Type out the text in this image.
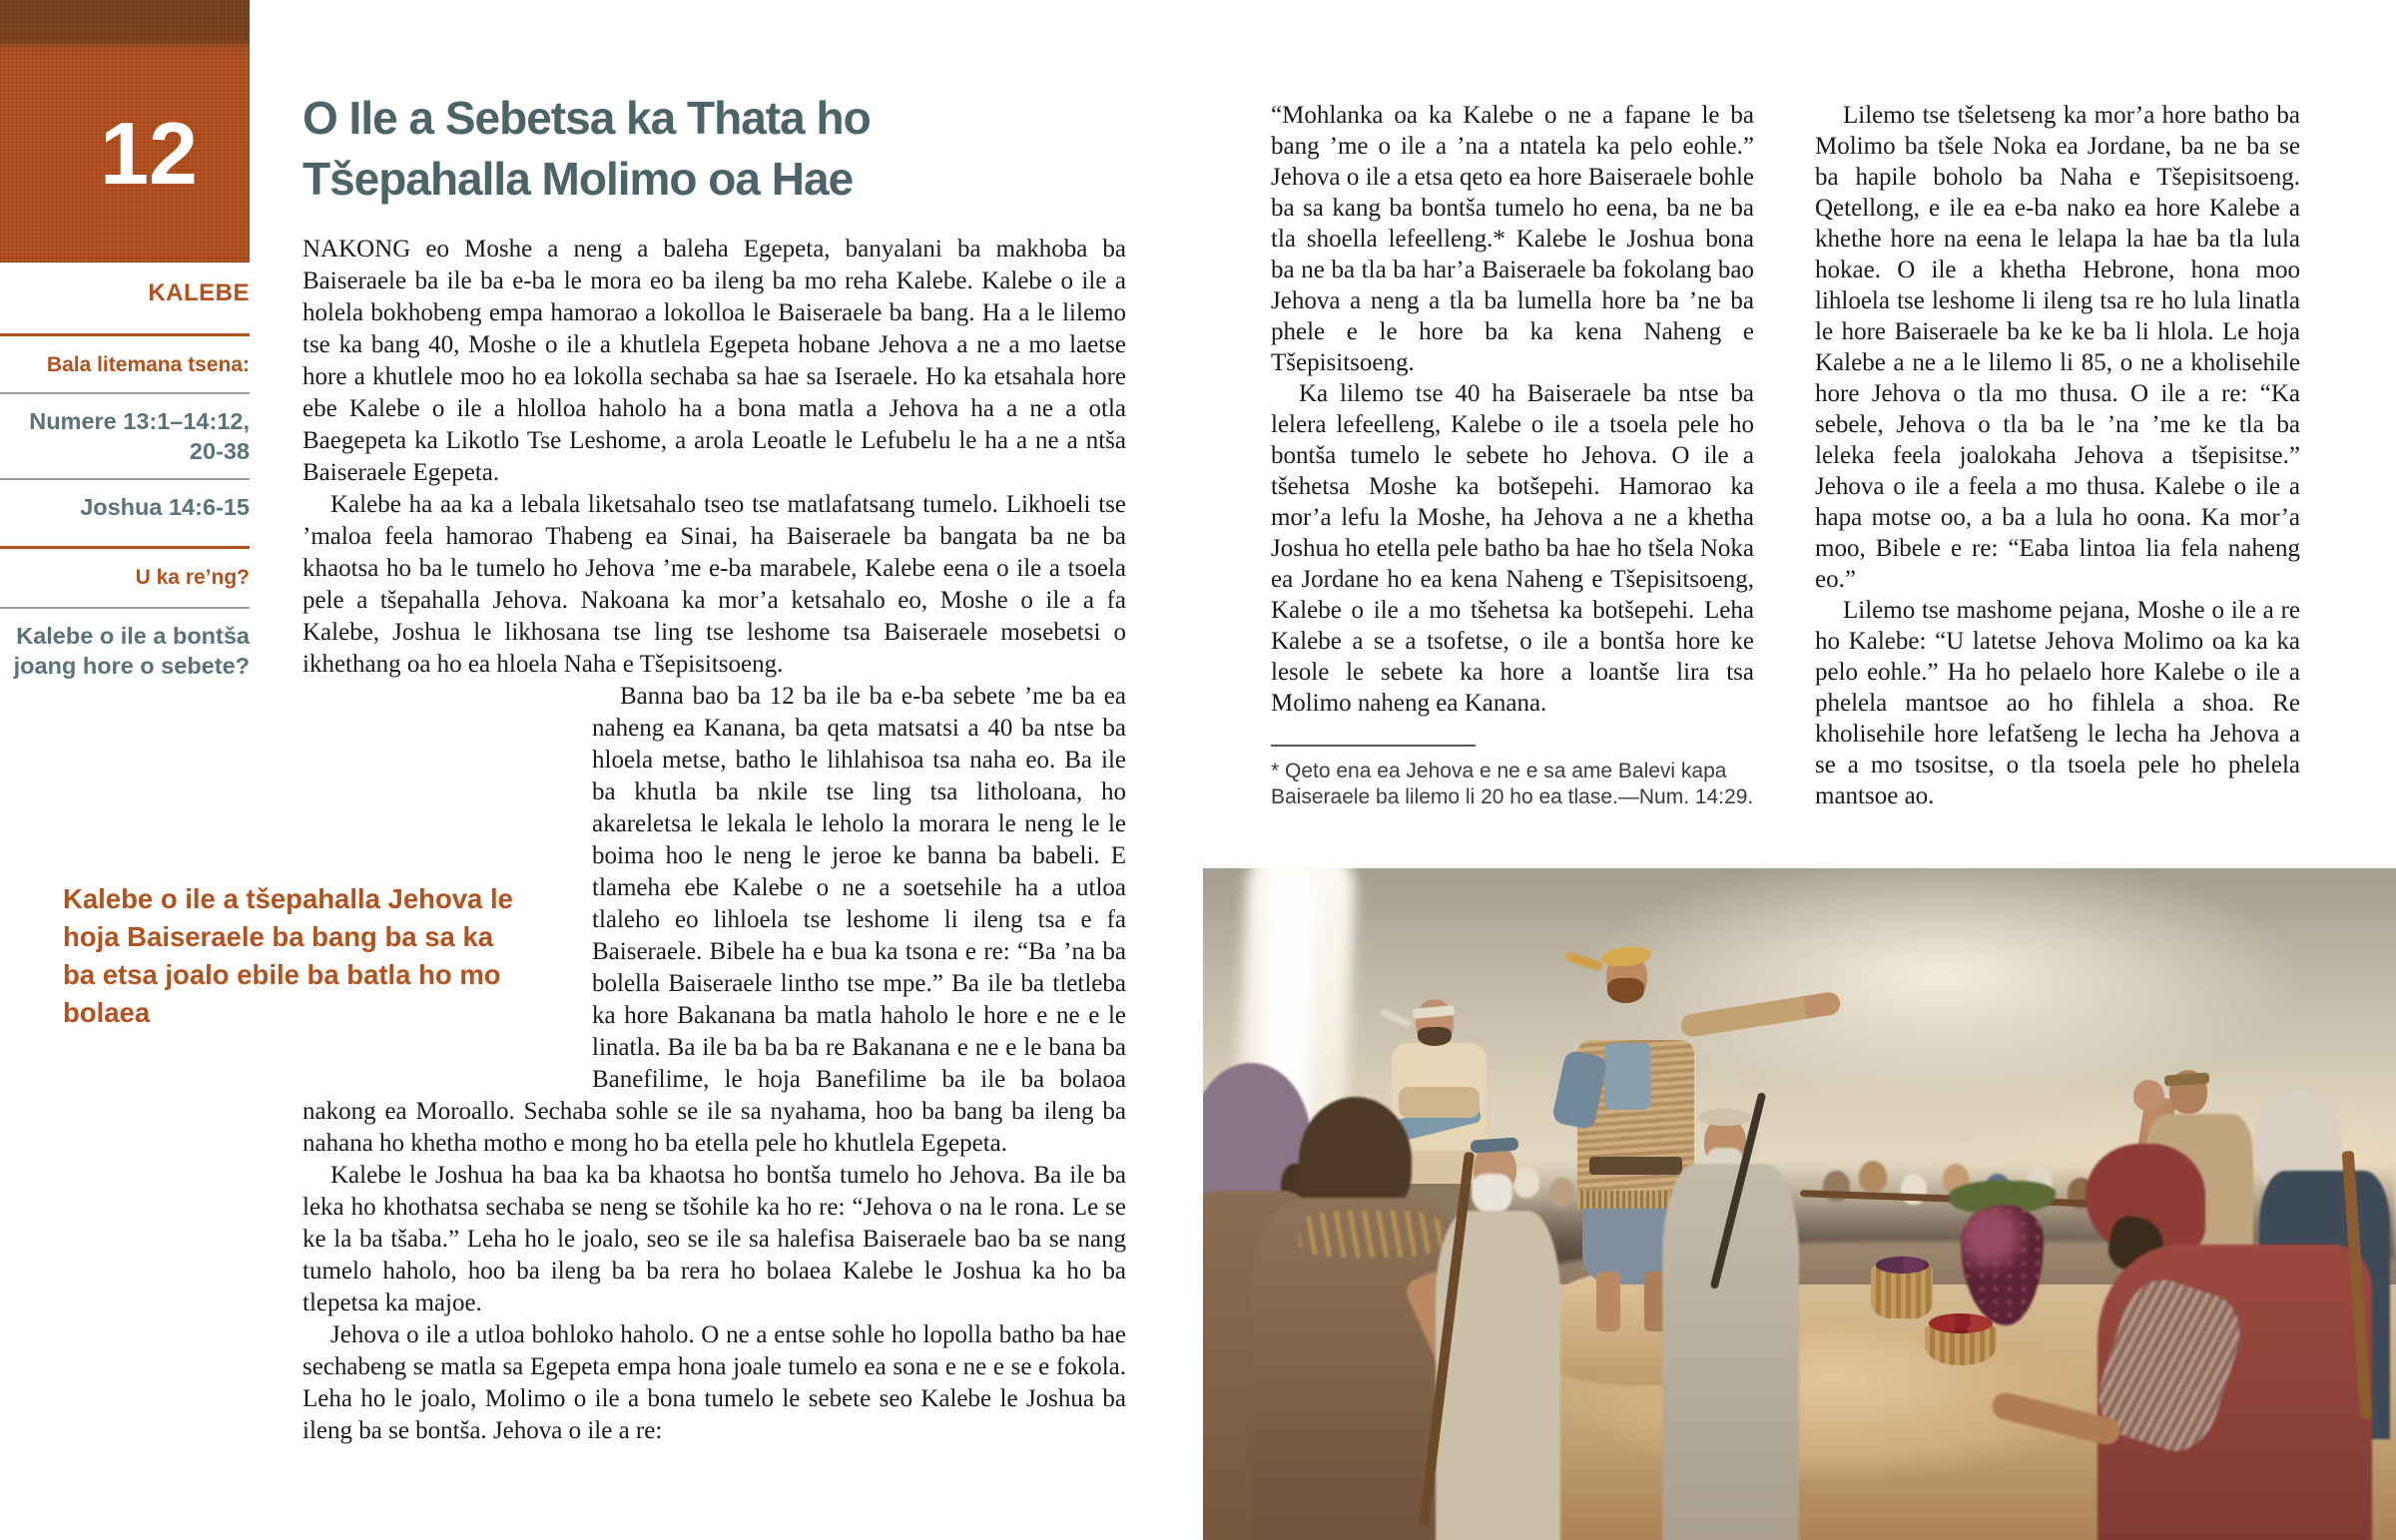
12
KALEBE
Bala litemana tsena:
Numere 13:1–14:12, 20-38
Joshua 14:6-15
U ka re’ng?
Kalebe o ile a bontša joang hore o sebete?
O Ile a Sebetsa ka Thata ho Tšepahalla Molimo oa Hae

NAKONG eo Moshe a neng a baleha Egepeta, banyalani ba makhoba ba Baiseraele ba ile ba e-ba le mora eo ba ileng ba mo reha Kalebe. Kalebe o ile a holela bokhobeng empa hamorao a lokolloa le Baiseraele ba bang. Ha a le lilemo tse ka bang 40, Moshe o ile a khutlela Egepeta hobane Jehova a ne a mo laetse hore a khutlele moo ho ea lokolla sechaba sa hae sa Iseraele. Ho ka etsahala hore ebe Kalebe o ile a hlolloa haholo ha a bona matla a Jehova ha a ne a otla Baegepeta ka Likotlo Tse Leshome, a arola Leoatle le Lefubelu le ha a ne a ntša Baiseraele Egepeta.

Kalebe ha aa ka a lebala liketsahalo tseo tse matlafatsang tumelo. Likhoeli tse ’maloa feela hamorao Thabeng ea Sinai, ha Baiseraele ba bangata ba ne ba khaotsa ho ba le tumelo ho Jehova ’me e-ba marabele, Kalebe eena o ile a tsoela pele a tšepahalla Jehova. Nakoana ka mor’a ketsahalo eo, Moshe o ile a fa Kalebe, Joshua le likhosana tse ling tse leshome tsa Baiseraele mosebetsi o ikhethang oa ho ea hloela Naha e Tšepisitsoeng.

Kalebe o ile a tšepahalla Jehova le hoja Baiseraele ba bang ba sa ka ba etsa joalo ebile ba batla ho mo bolaea
Banna bao ba 12 ba ile ba e-ba sebete ’me ba ea naheng ea Kanana, ba qeta matsatsi a 40 ba ntse ba hloela metse, batho le lihlahisoa tsa naha eo. Ba ile ba khutla ba nkile tse ling tsa litholoana, ho akareletsa le lekala le leholo la morara le neng le le boima hoo le neng le jeroe ke banna ba babeli. E tlameha ebe Kalebe o ne a soetsehile ha a utloa tlaleho eo lihloela tse leshome li ileng tsa e fa Baiseraele. Bibele ha e bua ka tsona e re: “Ba ’na ba bolella Baiseraele lintho tse mpe.” Ba ile ba tletleba ka hore Bakanana ba matla haholo le hore e ne e le linatla. Ba ile ba ba ba re Bakanana e ne e le bana ba Banefilime, le hoja Banefilime ba ile ba bolaoa nakong ea Moroallo. Sechaba sohle se ile sa nyahama, hoo ba bang ba ileng ba nahana ho khetha motho e mong ho ba etella pele ho khutlela Egepeta.

Kalebe le Joshua ha baa ka ba khaotsa ho bontša tumelo ho Jehova. Ba ile ba leka ho khothatsa sechaba se neng se tšohile ka ho re: “Jehova o na le rona. Le se ke la ba tšaba.” Leha ho le joalo, seo se ile sa halefisa Baiseraele bao ba se nang tumelo haholo, hoo ba ileng ba ba rera ho bolaea Kalebe le Joshua ka ho ba tlepetsa ka majoe.

Jehova o ile a utloa bohloko haholo. O ne a entse sohle ho lopolla batho ba hae sechabeng se matla sa Egepeta empa hona joale tumelo ea sona e ne e se e fokola. Leha ho le joalo, Molimo o ile a bona tumelo le sebete seo Kalebe le Joshua ba ileng ba se bontša. Jehova o ile a re:

“Mohlanka oa ka Kalebe o ne a fapane le ba bang ’me o ile a ’na a ntatela ka pelo eohle.” Jehova o ile a etsa qeto ea hore Baiseraele bohle ba sa kang ba bontša tumelo ho eena, ba ne ba tla shoella lefeelleng.* Kalebe le Joshua bona ba ne ba tla ba har’a Baiseraele ba fokolang bao Jehova a neng a tla ba lumella hore ba ’ne ba phele e le hore ba ka kena Naheng e Tšepisitsoeng.

Ka lilemo tse 40 ha Baiseraele ba ntse ba lelera lefeelleng, Kalebe o ile a tsoela pele ho bontša tumelo le sebete ho Jehova. O ile a tšehetsa Moshe ka botšepehi. Hamorao ka mor’a lefu la Moshe, ha Jehova a ne a khetha Joshua ho etella pele batho ba hae ho tšela Noka ea Jordane ho ea kena Naheng e Tšepisitsoeng, Kalebe o ile a mo tšehetsa ka botšepehi. Leha Kalebe a se a tsofetse, o ile a bontša hore ke lesole le sebete ka hore a loantše lira tsa Molimo naheng ea Kanana.

* Qeto ena ea Jehova e ne e sa ame Balevi kapa Baiseraele ba lilemo li 20 ho ea tlase.—Num. 14:29.

Lilemo tse tšeletseng ka mor’a hore batho ba Molimo ba tšele Noka ea Jordane, ba ne ba se ba hapile boholo ba Naha e Tšepisitsoeng. Qetellong, e ile ea e-ba nako ea hore Kalebe a khethe hore na eena le lelapa la hae ba tla lula hokae. O ile a khetha Hebrone, hona moo lihloela tse leshome li ileng tsa re ho lula linatla le hore Baiseraele ba ke ke ba li hlola. Le hoja Kalebe a ne a le lilemo li 85, o ne a kholisehile hore Jehova o tla mo thusa. O ile a re: “Ka sebele, Jehova o tla ba le ’na ’me ke tla ba leleka feela joalokaha Jehova a tšepisitse.” Jehova o ile a feela a mo thusa. Kalebe o ile a hapa motse oo, a ba a lula ho oona. Ka mor’a moo, Bibele e re: “Eaba lintoa lia fela naheng eo.”

Lilemo tse mashome pejana, Moshe o ile a re ho Kalebe: “U latetse Jehova Molimo oa ka ka pelo eohle.” Ha ho pelaelo hore Kalebe o ile a phelela mantsoe ao ho fihlela a shoa. Re kholisehile hore lefatšeng le lecha ha Jehova a se a mo tsositse, o tla tsoela pele ho phelela mantsoe ao.
